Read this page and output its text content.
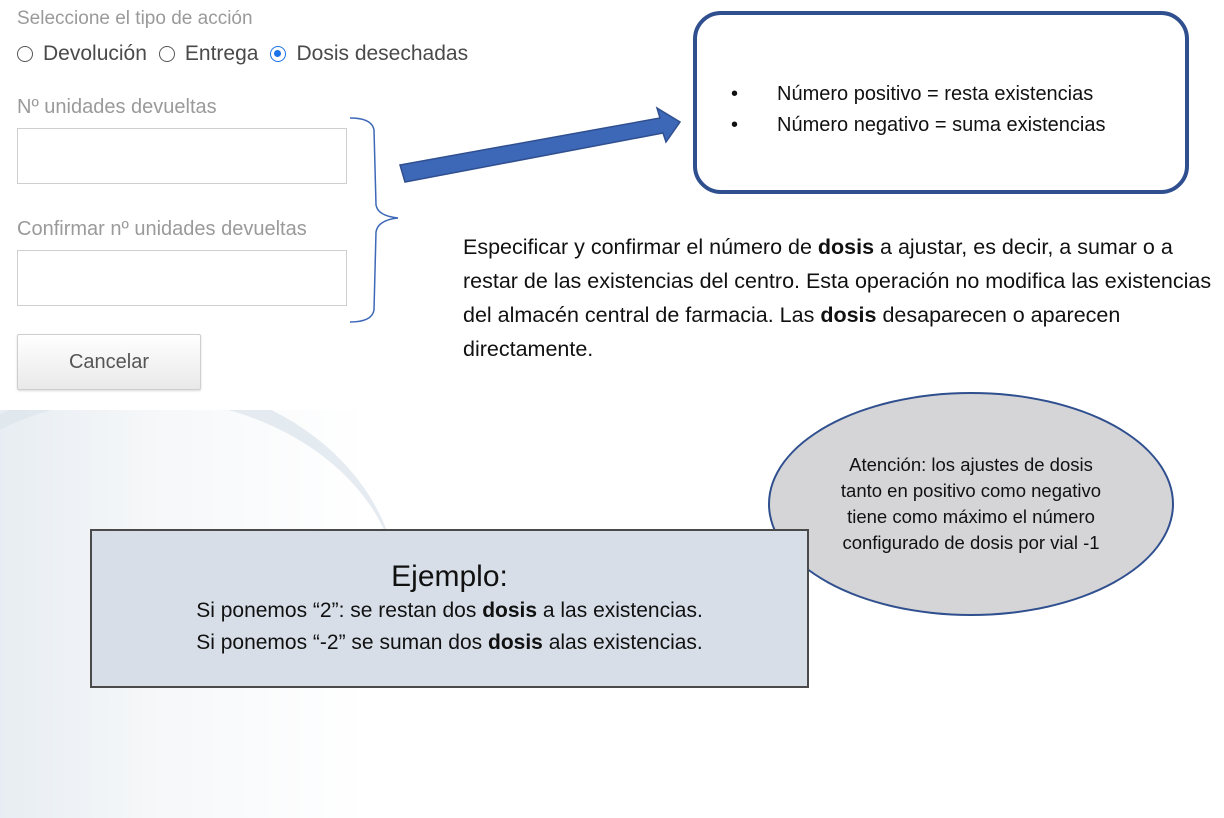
Seleccione el tipo de acción
Devolución Entrega Dosis desechadas
Nº unidades devueltas
Confirmar nº unidades devueltas
Cancelar
• Número positivo = resta existencias
• Número negativo = suma existencias

Especificar y confirmar el número de dosis a ajustar, es decir, a sumar o a restar de las existencias del centro. Esta operación no modifica las existencias del almacén central de farmacia. Las dosis desaparecen o aparecen directamente.

Atención: los ajustes de dosis tanto en positivo como negativo tiene como máximo el número configurado de dosis por vial -1
Ejemplo:
Si ponemos “2”: se restan dos dosis a las existencias.
Si ponemos “-2” se suman dos dosis alas existencias.
